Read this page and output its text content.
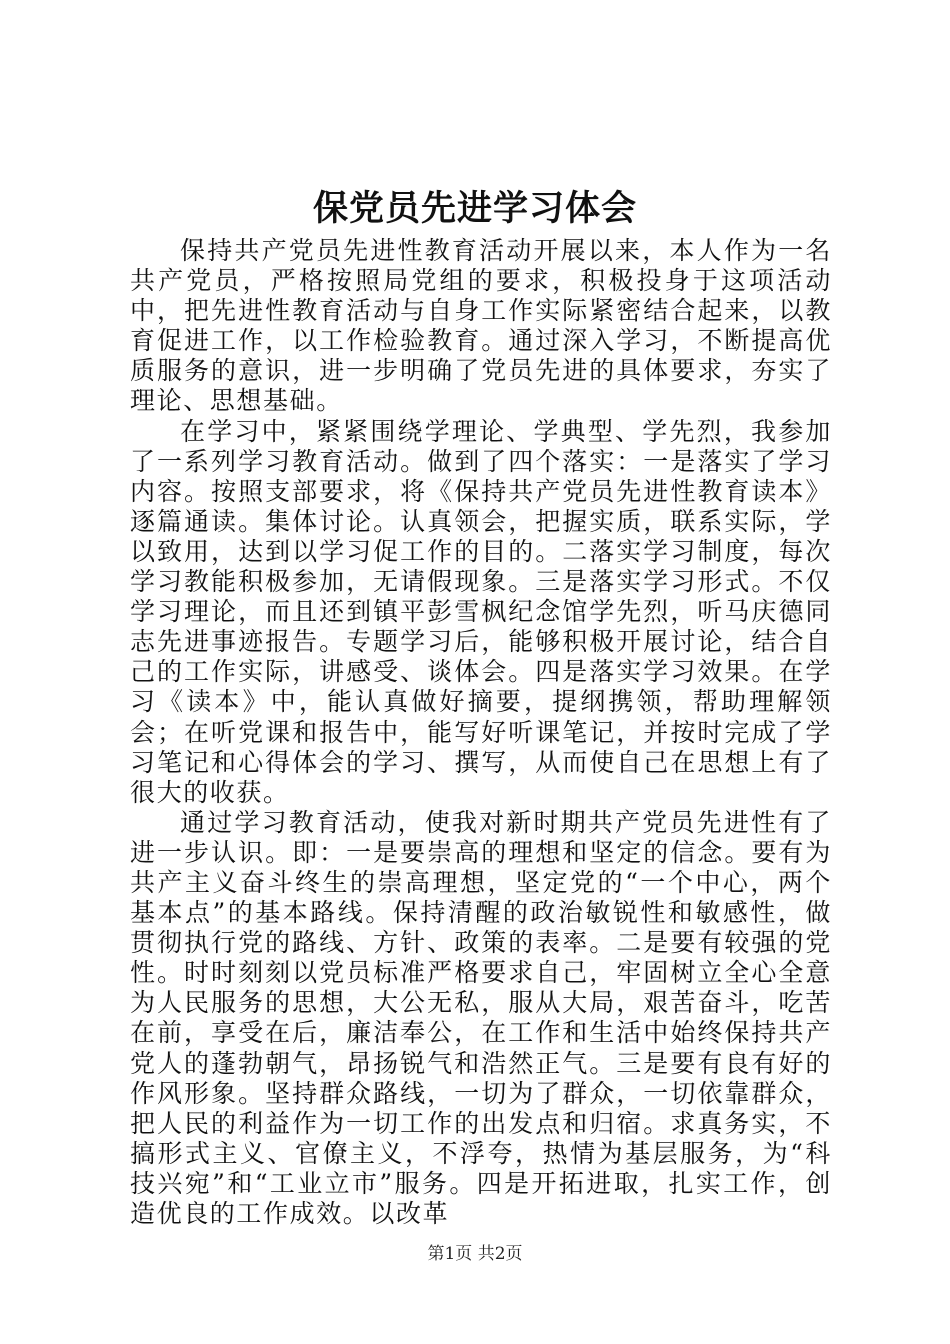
保党员先进学习体会

保持共产党员先进性教育活动开展以来，本人作为一名共产党员，严格按照局党组的要求，积极投身于这项活动中，把先进性教育活动与自身工作实际紧密结合起来，以教育促进工作，以工作检验教育。通过深入学习，不断提高优质服务的意识，进一步明确了党员先进的具体要求，夯实了理论、思想基础。

在学习中，紧紧围绕学理论、学典型、学先烈，我参加了一系列学习教育活动。做到了四个落实：一是落实了学习内容。按照支部要求，将《保持共产党员先进性教育读本》逐篇通读。集体讨论。认真领会，把握实质，联系实际，学以致用，达到以学习促工作的目的。二落实学习制度，每次学习教能积极参加，无请假现象。三是落实学习形式。不仅学习理论，而且还到镇平彭雪枫纪念馆学先烈，听马庆德同志先进事迹报告。专题学习后，能够积极开展讨论，结合自己的工作实际，讲感受、谈体会。四是落实学习效果。在学习《读本》中，能认真做好摘要，提纲携领，帮助理解领会；在听党课和报告中，能写好听课笔记，并按时完成了学习笔记和心得体会的学习、撰写，从而使自己在思想上有了很大的收获。

通过学习教育活动，使我对新时期共产党员先进性有了进一步认识。即：一是要崇高的理想和坚定的信念。要有为共产主义奋斗终生的崇高理想，坚定党的“一个中心，两个基本点”的基本路线。保持清醒的政治敏锐性和敏感性，做贯彻执行党的路线、方针、政策的表率。二是要有较强的党性。时时刻刻以党员标准严格要求自己，牢固树立全心全意为人民服务的思想，大公无私，服从大局，艰苦奋斗，吃苦在前，享受在后，廉洁奉公，在工作和生活中始终保持共产党人的蓬勃朝气，昂扬锐气和浩然正气。三是要有良有好的作风形象。坚持群众路线，一切为了群众，一切依靠群众，把人民的利益作为一切工作的出发点和归宿。求真务实，不搞形式主义、官僚主义，不浮夸，热情为基层服务，为“科技兴宛”和“工业立市”服务。四是开拓进取，扎实工作，创造优良的工作成效。以改革

第1页 共2页
